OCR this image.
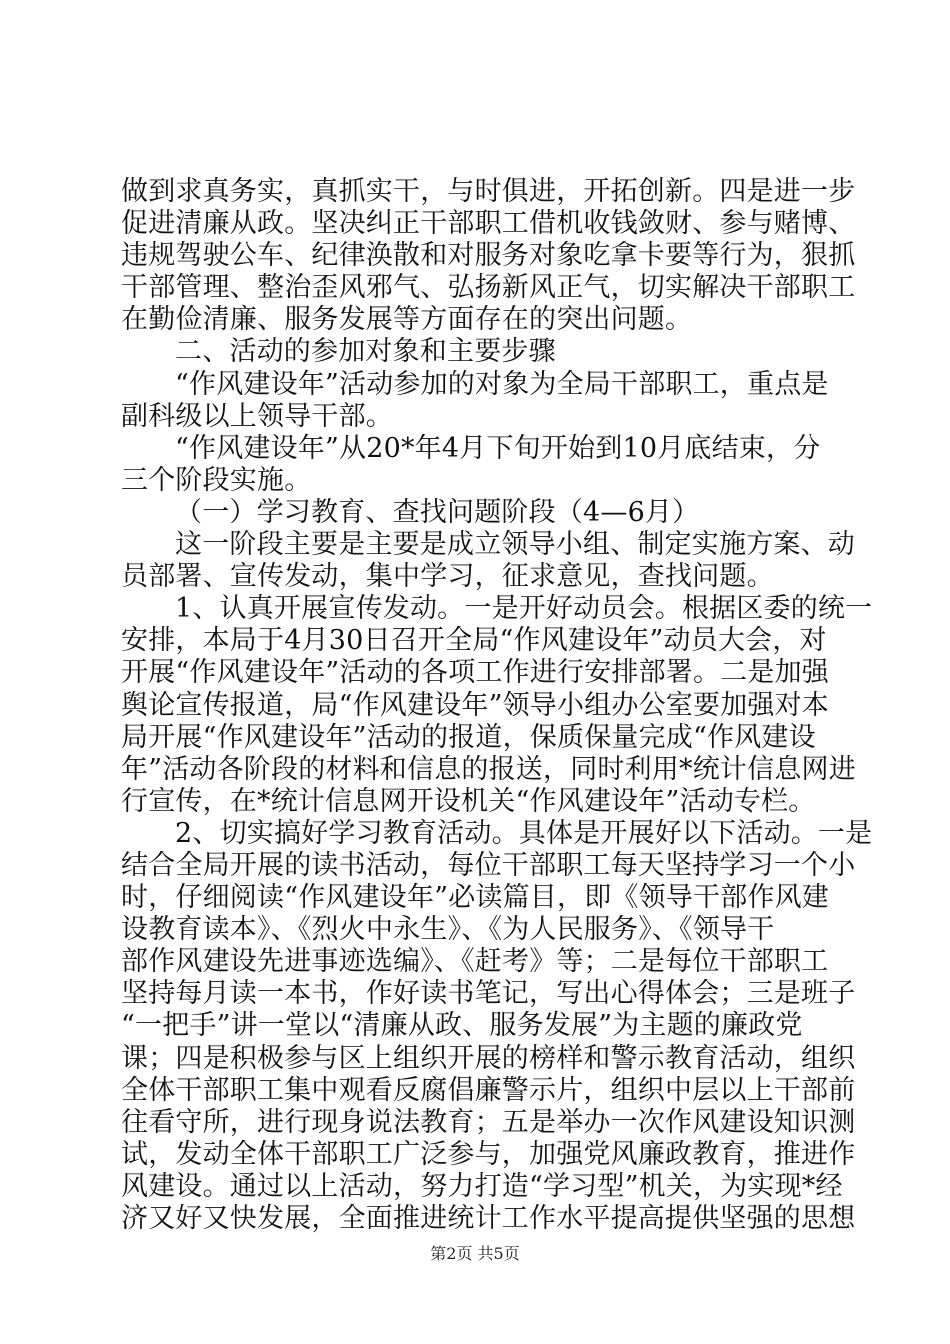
做到求真务实，真抓实干，与时俱进，开拓创新。四是进一步
促进清廉从政。坚决纠正干部职工借机收钱敛财、参与赌博、
违规驾驶公车、纪律涣散和对服务对象吃拿卡要等行为，狠抓
干部管理、整治歪风邪气、弘扬新风正气，切实解决干部职工
在勤俭清廉、服务发展等方面存在的突出问题。
二、活动的参加对象和主要步骤
“作风建设年”活动参加的对象为全局干部职工，重点是
副科级以上领导干部。
“作风建设年”从20*年4月下旬开始到10月底结束，分
三个阶段实施。
（一）学习教育、查找问题阶段（4—6月）
这一阶段主要是主要是成立领导小组、制定实施方案、动
员部署、宣传发动，集中学习，征求意见，查找问题。
1、认真开展宣传发动。一是开好动员会。根据区委的统一
安排，本局于4月30日召开全局“作风建设年”动员大会，对
开展“作风建设年”活动的各项工作进行安排部署。二是加强
舆论宣传报道，局“作风建设年”领导小组办公室要加强对本
局开展“作风建设年”活动的报道，保质保量完成“作风建设
年”活动各阶段的材料和信息的报送，同时利用*统计信息网进
行宣传，在*统计信息网开设机关“作风建设年”活动专栏。
2、切实搞好学习教育活动。具体是开展好以下活动。一是
结合全局开展的读书活动，每位干部职工每天坚持学习一个小
时，仔细阅读“作风建设年”必读篇目，即《领导干部作风建
设教育读本》、《烈火中永生》、《为人民服务》、《领导干
部作风建设先进事迹选编》、《赶考》等；二是每位干部职工
坚持每月读一本书，作好读书笔记，写出心得体会；三是班子
“一把手”讲一堂以“清廉从政、服务发展”为主题的廉政党
课；四是积极参与区上组织开展的榜样和警示教育活动，组织
全体干部职工集中观看反腐倡廉警示片，组织中层以上干部前
往看守所，进行现身说法教育；五是举办一次作风建设知识测
试，发动全体干部职工广泛参与，加强党风廉政教育，推进作
风建设。通过以上活动，努力打造“学习型”机关，为实现*经
济又好又快发展，全面推进统计工作水平提高提供坚强的思想
第2页 共5页
